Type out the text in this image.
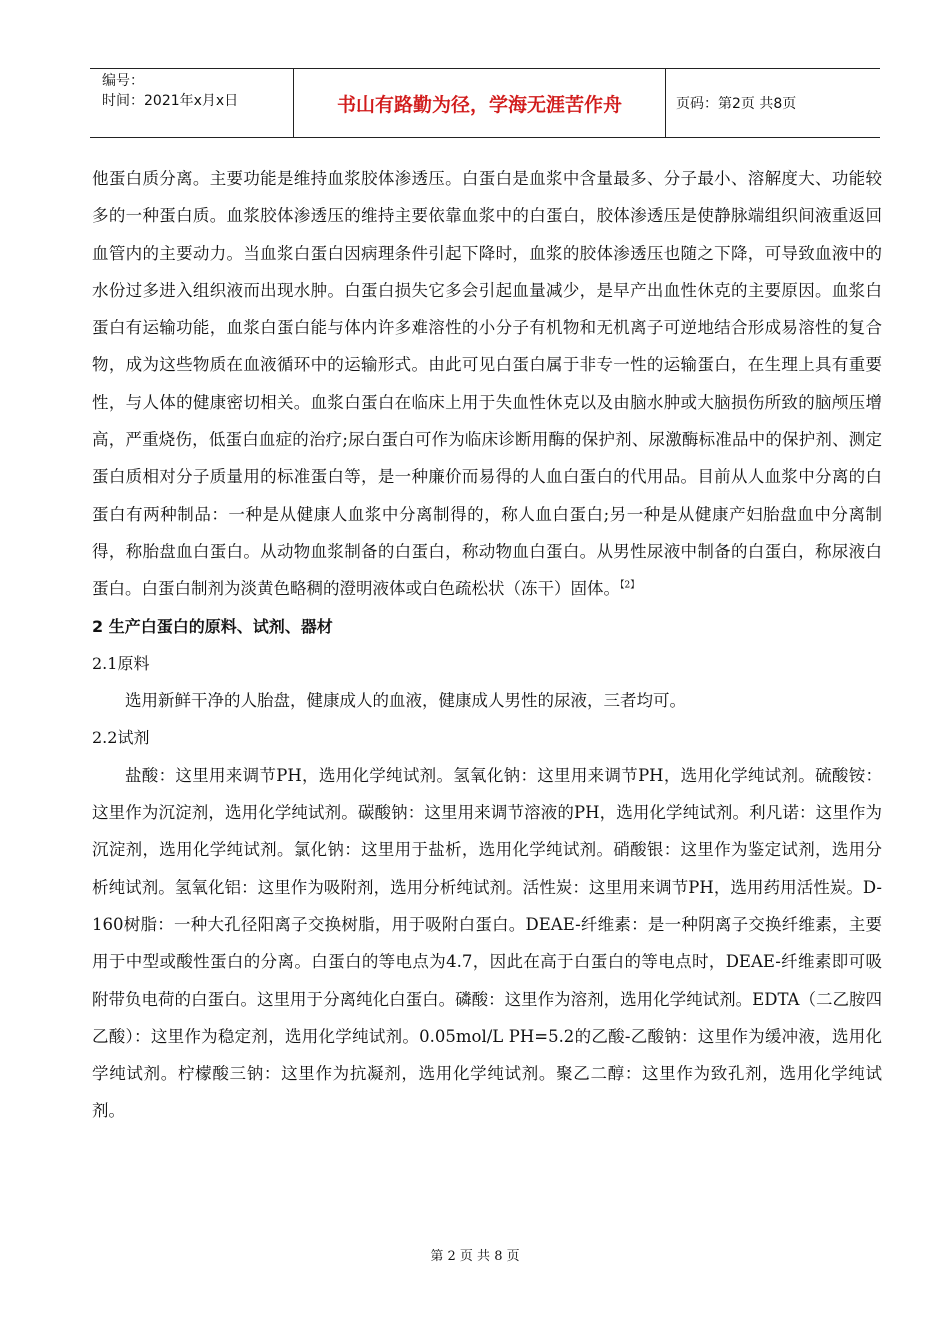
编号：
时间：2021年x月x日	书山有路勤为径，学海无涯苦作舟	页码：第2页 共8页

他蛋白质分离。主要功能是维持血浆胶体渗透压。白蛋白是血浆中含量最多、分子最小、溶解度大、功能较多的一种蛋白质。血浆胶体渗透压的维持主要依靠血浆中的白蛋白，胶体渗透压是使静脉端组织间液重返回血管内的主要动力。当血浆白蛋白因病理条件引起下降时，血浆的胶体渗透压也随之下降，可导致血液中的水份过多进入组织液而出现水肿。白蛋白损失它多会引起血量减少，是早产出血性休克的主要原因。血浆白蛋白有运输功能，血浆白蛋白能与体内许多难溶性的小分子有机物和无机离子可逆地结合形成易溶性的复合物，成为这些物质在血液循环中的运输形式。由此可见白蛋白属于非专一性的运输蛋白，在生理上具有重要性，与人体的健康密切相关。血浆白蛋白在临床上用于失血性休克以及由脑水肿或大脑损伤所致的脑颅压增高，严重烧伤，低蛋白血症的治疗;尿白蛋白可作为临床诊断用酶的保护剂、尿激酶标准品中的保护剂、测定蛋白质相对分子质量用的标准蛋白等，是一种廉价而易得的人血白蛋白的代用品。目前从人血浆中分离的白蛋白有两种制品：一种是从健康人血浆中分离制得的，称人血白蛋白;另一种是从健康产妇胎盘血中分离制得，称胎盘血白蛋白。从动物血浆制备的白蛋白，称动物血白蛋白。从男性尿液中制备的白蛋白，称尿液白蛋白。白蛋白制剂为淡黄色略稠的澄明液体或白色疏松状（冻干）固体。$^{【2】}$

2 生产白蛋白的原料、试剂、器材

2.1原料

选用新鲜干净的人胎盘，健康成人的血液，健康成人男性的尿液，三者均可。

2.2试剂

盐酸：这里用来调节PH，选用化学纯试剂。氢氧化钠：这里用来调节PH，选用化学纯试剂。硫酸铵：这里作为沉淀剂，选用化学纯试剂。碳酸钠：这里用来调节溶液的PH，选用化学纯试剂。利凡诺：这里作为沉淀剂，选用化学纯试剂。氯化钠：这里用于盐析，选用化学纯试剂。硝酸银：这里作为鉴定试剂，选用分析纯试剂。氢氧化铝：这里作为吸附剂，选用分析纯试剂。活性炭：这里用来调节PH，选用药用活性炭。D-160树脂：一种大孔径阳离子交换树脂，用于吸附白蛋白。DEAE-纤维素：是一种阴离子交换纤维素，主要用于中型或酸性蛋白的分离。白蛋白的等电点为4.7，因此在高于白蛋白的等电点时，DEAE-纤维素即可吸附带负电荷的白蛋白。这里用于分离纯化白蛋白。磷酸：这里作为溶剂，选用化学纯试剂。EDTA（二乙胺四乙酸）：这里作为稳定剂，选用化学纯试剂。0.05mol/L PH=5.2的乙酸-乙酸钠：这里作为缓冲液，选用化学纯试剂。柠檬酸三钠：这里作为抗凝剂，选用化学纯试剂。聚乙二醇：这里作为致孔剂，选用化学纯试剂。

第 2 页 共 8 页
